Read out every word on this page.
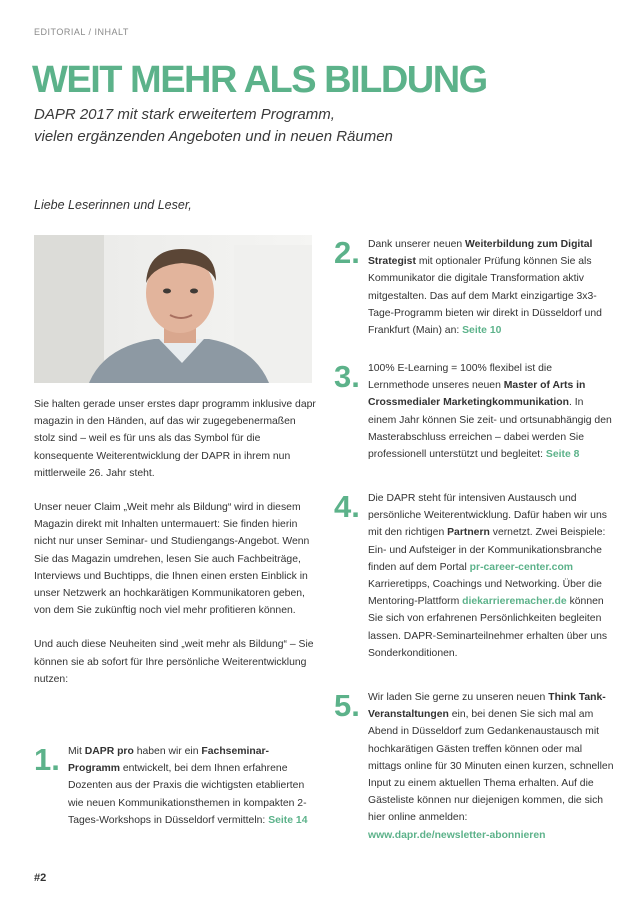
EDITORIAL / INHALT
WEIT MEHR ALS BILDUNG
DAPR 2017 mit stark erweitertem Programm,
vielen ergänzenden Angeboten und in neuen Räumen
Liebe Leserinnen und Leser,

Sie halten gerade unser erstes dapr programm inklusive dapr magazin in den Händen, auf das wir zugegebenermaßen stolz sind – weil es für uns als das Symbol für die konsequente Weiterentwicklung der DAPR in ihrem nun mittlerweile 26. Jahr steht.

Unser neuer Claim „Weit mehr als Bildung“ wird in diesem Magazin direkt mit Inhalten untermauert: Sie finden hierin nicht nur unser Seminar- und Studiengangs-Angebot. Wenn Sie das Magazin umdrehen, lesen Sie auch Fachbeiträge, Interviews und Buchtipps, die Ihnen einen ersten Einblick in unser Netzwerk an hochkarätigen Kommunikatoren geben, von dem Sie zukünftig noch viel mehr profitieren können.

Und auch diese Neuheiten sind „weit mehr als Bildung“ – Sie können sie ab sofort für Ihre persönliche Weiterentwicklung nutzen:

1. Mit DAPR pro haben wir ein Fachseminar-Programm entwickelt, bei dem Ihnen erfahrene Dozenten aus der Praxis die wichtigsten etablierten wie neuen Kommunikationsthemen in kompakten 2-Tages-Workshops in Düsseldorf vermitteln: Seite 14
2. Dank unserer neuen Weiterbildung zum Digital Strategist mit optionaler Prüfung können Sie als Kommunikator die digitale Transformation aktiv mitgestalten. Das auf dem Markt einzigartige 3x3-Tage-Programm bieten wir direkt in Düsseldorf und Frankfurt (Main) an: Seite 10
3. 100% E-Learning = 100% flexibel ist die Lernmethode unseres neuen Master of Arts in Crossmedialer Marketingkommunikation. In einem Jahr können Sie zeit- und ortsunabhängig den Masterabschluss erreichen – dabei werden Sie professionell unterstützt und begleitet: Seite 8
4. Die DAPR steht für intensiven Austausch und persönliche Weiterentwicklung. Dafür haben wir uns mit den richtigen Partnern vernetzt. Zwei Beispiele: Ein- und Aufsteiger in der Kommunikationsbranche finden auf dem Portal pr-career-center.com Karrieretipps, Coachings und Networking. Über die Mentoring-Plattform diekarrieremacher.de können Sie sich von erfahrenen Persönlichkeiten begleiten lassen. DAPR-Seminarteilnehmer erhalten über uns Sonderkonditionen.
5. Wir laden Sie gerne zu unseren neuen Think Tank-Veranstaltungen ein, bei denen Sie sich mal am Abend in Düsseldorf zum Gedankenaustausch mit hochkarätigen Gästen treffen können oder mal mittags online für 30 Minuten einen kurzen, schnellen Input zu einem aktuellen Thema erhalten. Auf die Gästeliste können nur diejenigen kommen, die sich hier online anmelden:
www.dapr.de/newsletter-abonnieren
#2
